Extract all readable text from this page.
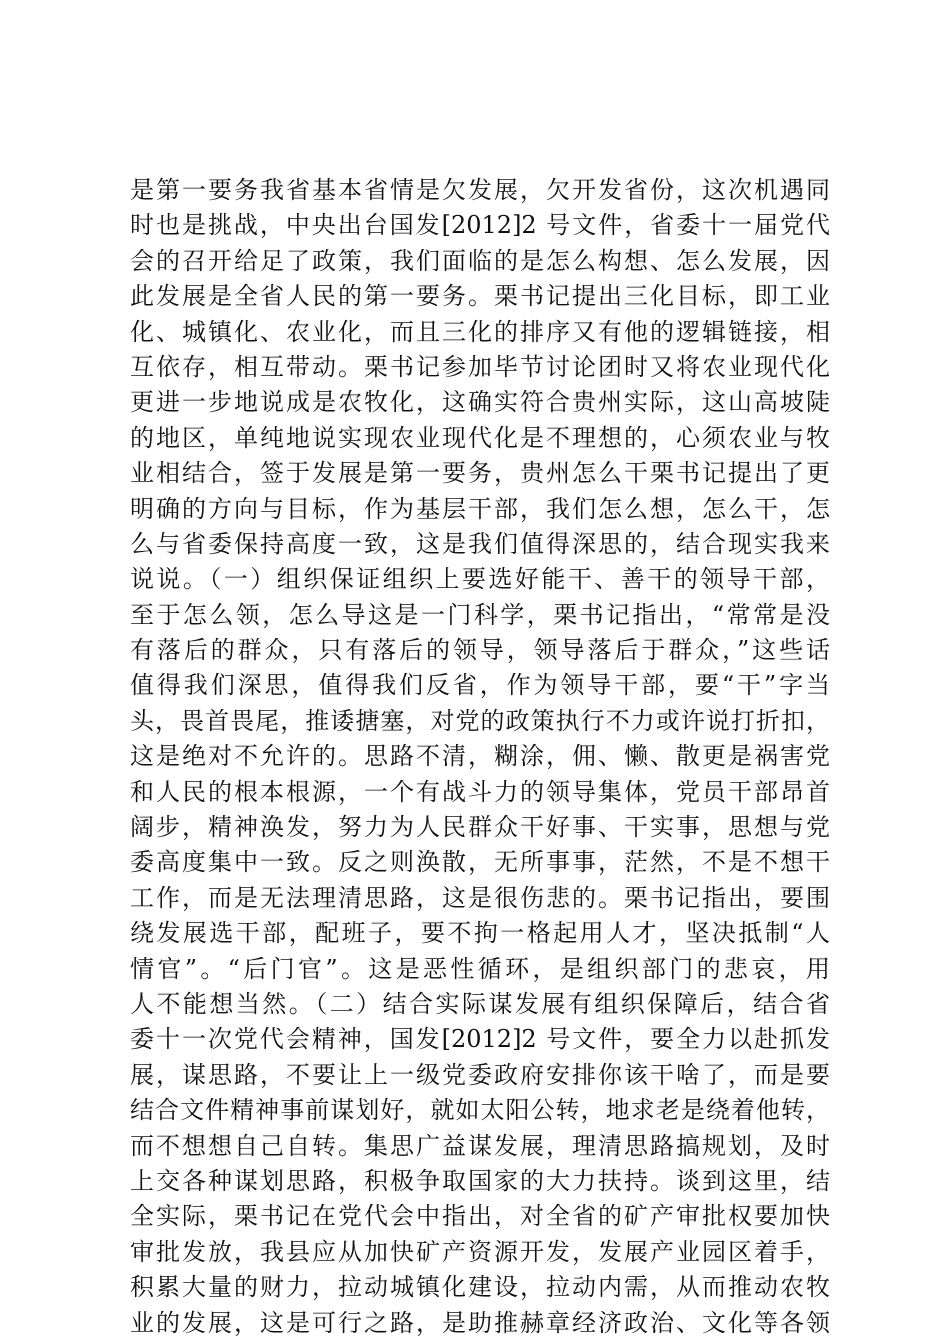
是第一要务我省基本省情是欠发展，欠开发省份，这次机遇同
时也是挑战，中央出台国发[2012]2 号文件，省委十一届党代
会的召开给足了政策，我们面临的是怎么构想、怎么发展，因
此发展是全省人民的第一要务。栗书记提出三化目标，即工业
化、城镇化、农业化，而且三化的排序又有他的逻辑链接，相
互依存，相互带动。栗书记参加毕节讨论团时又将农业现代化
更进一步地说成是农牧化，这确实符合贵州实际，这山高坡陡
的地区，单纯地说实现农业现代化是不理想的，心须农业与牧
业相结合，签于发展是第一要务，贵州怎么干栗书记提出了更
明确的方向与目标，作为基层干部，我们怎么想，怎么干，怎
么与省委保持高度一致，这是我们值得深思的，结合现实我来
说说。（一）组织保证组织上要选好能干、善干的领导干部，
至于怎么领，怎么导这是一门科学，栗书记指出，“常常是没
有落后的群众，只有落后的领导，领导落后于群众，”这些话
值得我们深思，值得我们反省，作为领导干部，要“干”字当
头，畏首畏尾，推诿搪塞，对党的政策执行不力或许说打折扣，
这是绝对不允许的。思路不清，糊涂，佣、懒、散更是祸害党
和人民的根本根源，一个有战斗力的领导集体，党员干部昂首
阔步，精神涣发，努力为人民群众干好事、干实事，思想与党
委高度集中一致。反之则涣散，无所事事，茫然，不是不想干
工作，而是无法理清思路，这是很伤悲的。栗书记指出，要围
绕发展选干部，配班子，要不拘一格起用人才，坚决抵制“人
情官”。“后门官”。这是恶性循环，是组织部门的悲哀，用
人不能想当然。（二）结合实际谋发展有组织保障后，结合省
委十一次党代会精神，国发[2012]2 号文件，要全力以赴抓发
展，谋思路，不要让上一级党委政府安排你该干啥了，而是要
结合文件精神事前谋划好，就如太阳公转，地求老是绕着他转，
而不想想自己自转。集思广益谋发展，理清思路搞规划，及时
上交各种谋划思路，积极争取国家的大力扶持。谈到这里，结
全实际，栗书记在党代会中指出，对全省的矿产审批权要加快
审批发放，我县应从加快矿产资源开发，发展产业园区着手，
积累大量的财力，拉动城镇化建设，拉动内需，从而推动农牧
业的发展，这是可行之路，是助推赫章经济政治、文化等各领
